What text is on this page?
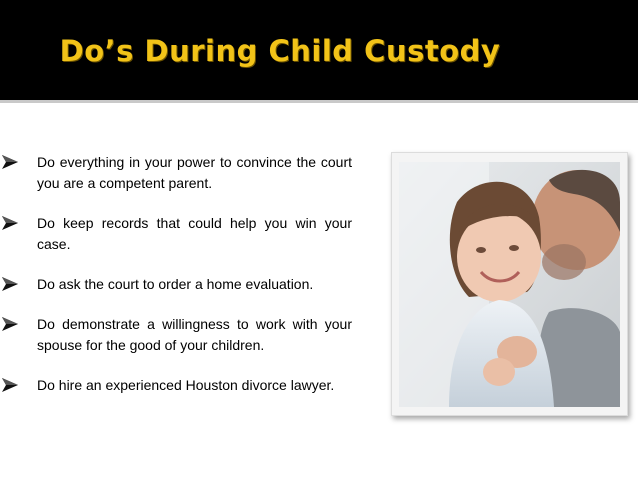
Do’s During Child Custody
Do everything in your power to convince the court you are a competent parent.
Do keep records that could help you win your case.
Do ask the court to order a home evaluation.
Do demonstrate a willingness to work with your spouse for the good of your children.
Do hire an experienced Houston divorce lawyer.
